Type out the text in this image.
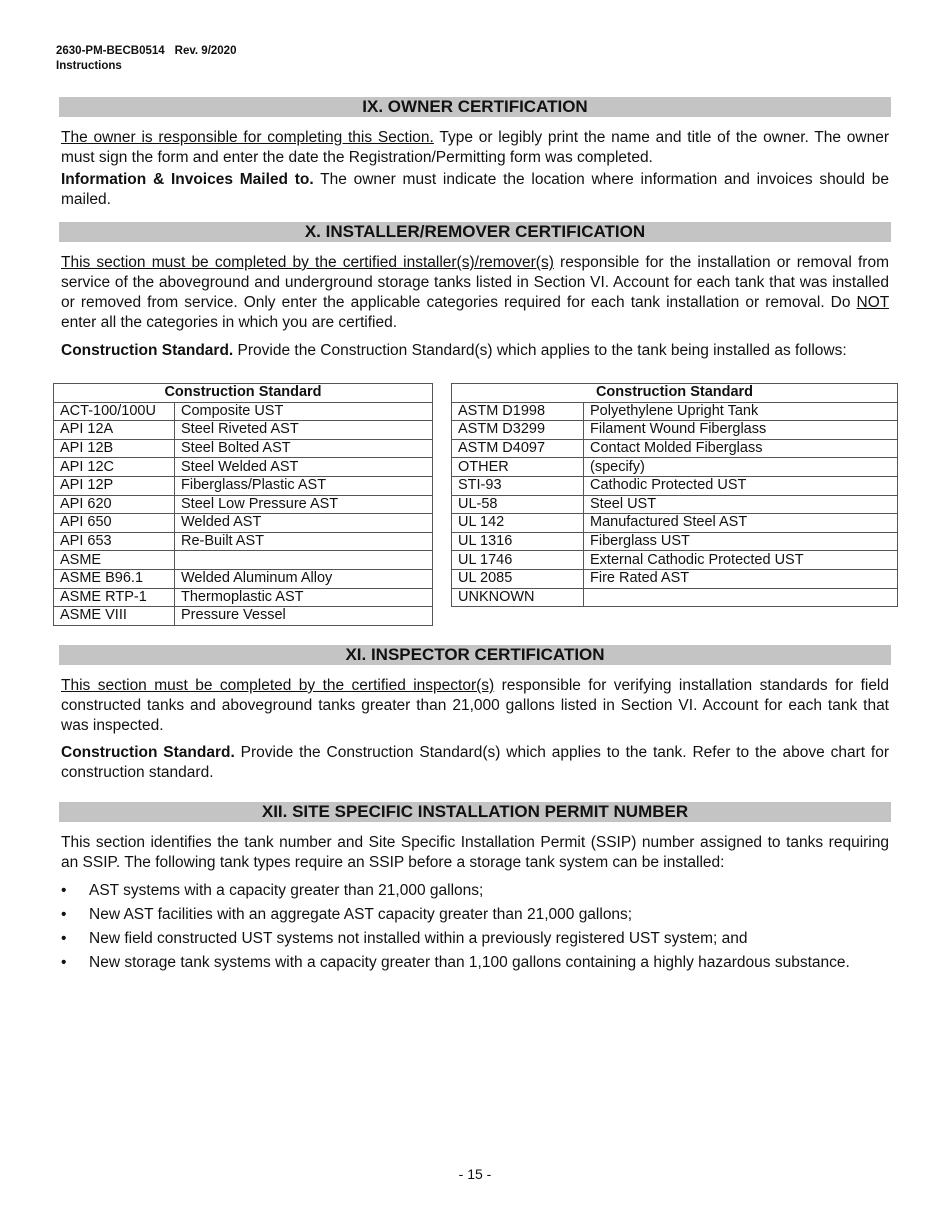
2630-PM-BECB0514 Rev. 9/2020
Instructions
IX. OWNER CERTIFICATION

The owner is responsible for completing this Section. Type or legibly print the name and title of the owner. The owner must sign the form and enter the date the Registration/Permitting form was completed.

Information & Invoices Mailed to. The owner must indicate the location where information and invoices should be mailed.

X. INSTALLER/REMOVER CERTIFICATION

This section must be completed by the certified installer(s)/remover(s) responsible for the installation or removal from service of the aboveground and underground storage tanks listed in Section VI. Account for each tank that was installed or removed from service. Only enter the applicable categories required for each tank installation or removal. Do NOT enter all the categories in which you are certified.

Construction Standard. Provide the Construction Standard(s) which applies to the tank being installed as follows:

Construction Standard	
ACT-100/100U	Composite UST
API 12A	Steel Riveted AST
API 12B	Steel Bolted AST
API 12C	Steel Welded AST
API 12P	Fiberglass/Plastic AST
API 620	Steel Low Pressure AST
API 650	Welded AST
API 653	Re-Built AST
ASME	
ASME B96.1	Welded Aluminum Alloy
ASME RTP-1	Thermoplastic AST
ASME VIII	Pressure Vessel
Construction Standard	
ASTM D1998	Polyethylene Upright Tank
ASTM D3299	Filament Wound Fiberglass
ASTM D4097	Contact Molded Fiberglass
OTHER	(specify)
STI-93	Cathodic Protected UST
UL-58	Steel UST
UL 142	Manufactured Steel AST
UL 1316	Fiberglass UST
UL 1746	External Cathodic Protected UST
UL 2085	Fire Rated AST
UNKNOWN	
XI. INSPECTOR CERTIFICATION

This section must be completed by the certified inspector(s) responsible for verifying installation standards for field constructed tanks and aboveground tanks greater than 21,000 gallons listed in Section VI. Account for each tank that was inspected.

Construction Standard. Provide the Construction Standard(s) which applies to the tank. Refer to the above chart for construction standard.

XII. SITE SPECIFIC INSTALLATION PERMIT NUMBER

This section identifies the tank number and Site Specific Installation Permit (SSIP) number assigned to tanks requiring an SSIP. The following tank types require an SSIP before a storage tank system can be installed:

• AST systems with a capacity greater than 21,000 gallons;
• New AST facilities with an aggregate AST capacity greater than 21,000 gallons;
• New field constructed UST systems not installed within a previously registered UST system; and
• New storage tank systems with a capacity greater than 1,100 gallons containing a highly hazardous substance.
- 15 -
